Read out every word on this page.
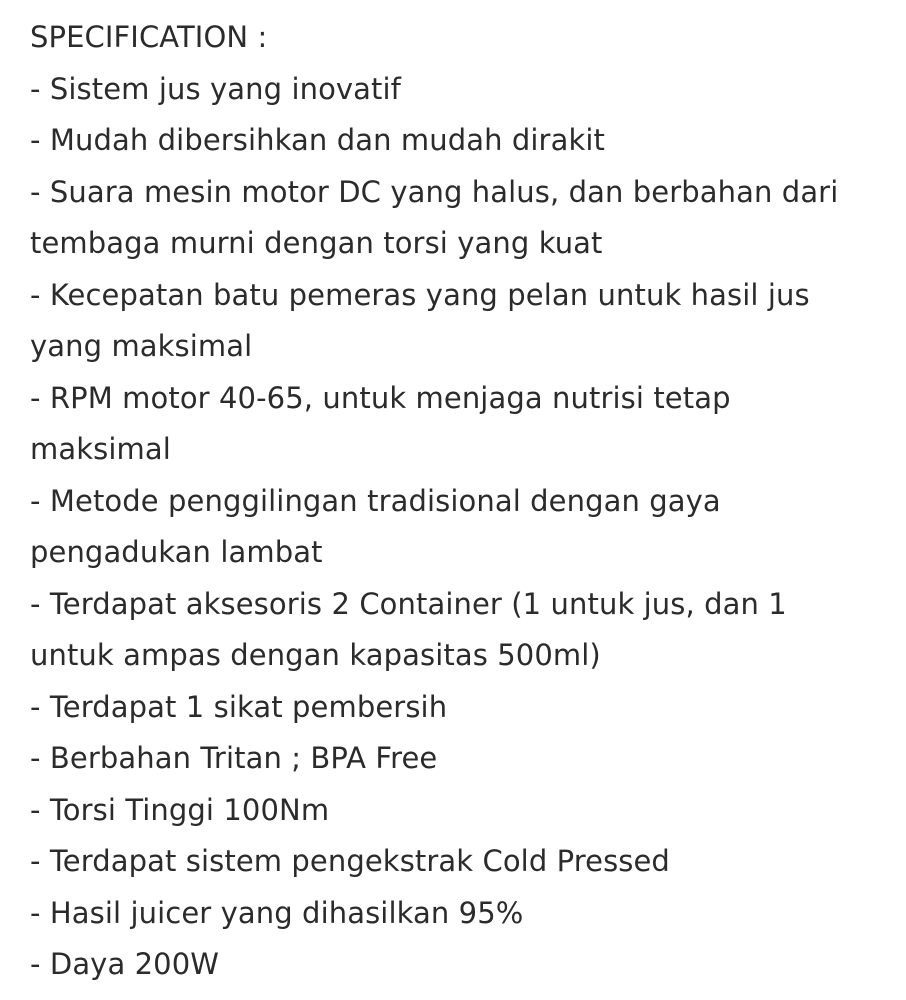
SPECIFICATION :
- Sistem jus yang inovatif
- Mudah dibersihkan dan mudah dirakit
- Suara mesin motor DC yang halus, dan berbahan dari
tembaga murni dengan torsi yang kuat
- Kecepatan batu pemeras yang pelan untuk hasil jus
yang maksimal
- RPM motor 40-65, untuk menjaga nutrisi tetap
maksimal
- Metode penggilingan tradisional dengan gaya
pengadukan lambat
- Terdapat aksesoris 2 Container (1 untuk jus, dan 1
untuk ampas dengan kapasitas 500ml)
- Terdapat 1 sikat pembersih
- Berbahan Tritan ; BPA Free
- Torsi Tinggi 100Nm
- Terdapat sistem pengekstrak Cold Pressed
- Hasil juicer yang dihasilkan 95%
- Daya 200W
